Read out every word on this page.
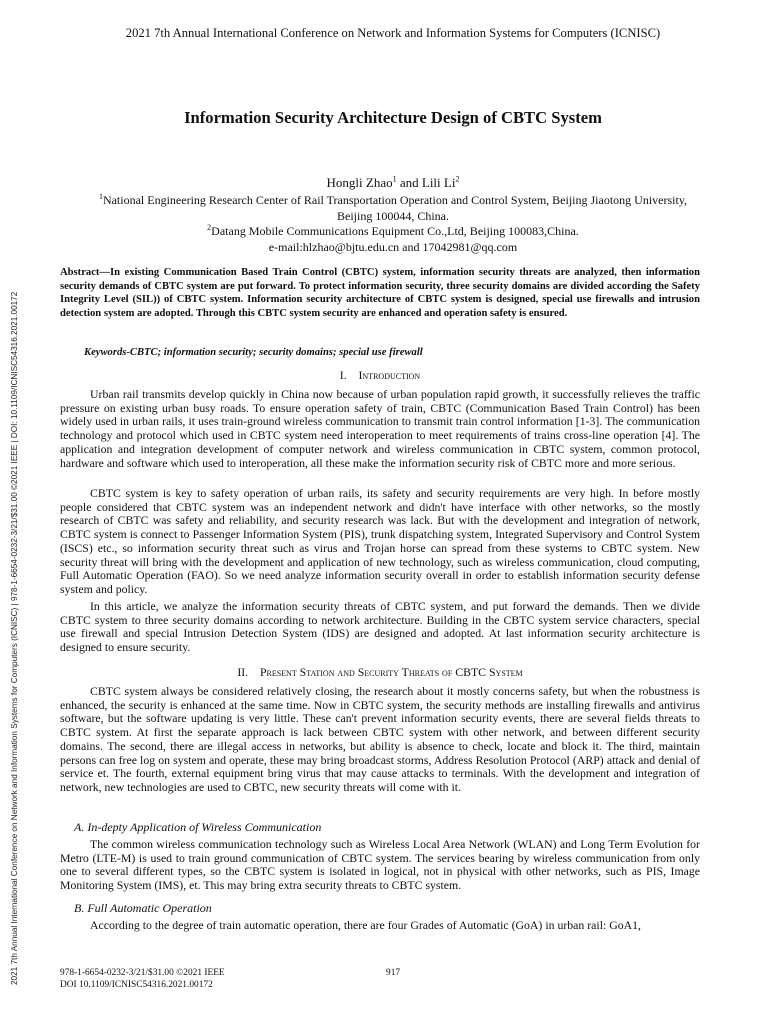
2021 7th Annual International Conference on Network and Information Systems for Computers (ICNISC) | 978-1-6654-0232-3/21/$31.00 ©2021 IEEE | DOI: 10.1109/ICNISC54316.2021.00172
2021 7th Annual International Conference on Network and Information Systems for Computers (ICNISC)
Information Security Architecture Design of CBTC System
Hongli Zhao$^1$ and Lili Li$^2$

$^1$National Engineering Research Center of Rail Transportation Operation and Control System, Beijing Jiaotong University,

Beijing 100044, China.

$^2$Datang Mobile Communications Equipment Co.,Ltd, Beijing 100083,China.

e-mail:hlzhao@bjtu.edu.cn and 17042981@qq.com

Abstract—In existing Communication Based Train Control (CBTC) system, information security threats are analyzed, then information security demands of CBTC system are put forward. To protect information security, three security domains are divided according the Safety Integrity Level (SIL)) of CBTC system. Information security architecture of CBTC system is designed, special use firewalls and intrusion detection system are adopted. Through this CBTC system security are enhanced and operation safety is ensured.

Keywords-CBTC; information security; security domains; special use firewall

I. Introduction

Urban rail transmits develop quickly in China now because of urban population rapid growth, it successfully relieves the traffic pressure on existing urban busy roads. To ensure operation safety of train, CBTC (Communication Based Train Control) has been widely used in urban rails, it uses train-ground wireless communication to transmit train control information [1-3]. The communication technology and protocol which used in CBTC system need interoperation to meet requirements of trains cross-line operation [4]. The application and integration development of computer network and wireless communication in CBTC system, common protocol, hardware and software which used to interoperation, all these make the information security risk of CBTC more and more serious.

CBTC system is key to safety operation of urban rails, its safety and security requirements are very high. In before mostly people considered that CBTC system was an independent network and didn't have interface with other networks, so the mostly research of CBTC was safety and reliability, and security research was lack. But with the development and integration of network, CBTC system is connect to Passenger Information System (PIS), trunk dispatching system, Integrated Supervisory and Control System (ISCS) etc., so information security threat such as virus and Trojan horse can spread from these systems to CBTC system. New security threat will bring with the development and application of new technology, such as wireless communication, cloud computing, Full Automatic Operation (FAO). So we need analyze information security overall in order to establish information security defense system and policy.

In this article, we analyze the information security threats of CBTC system, and put forward the demands. Then we divide CBTC system to three security domains according to network architecture. Building in the CBTC system service characters, special use firewall and special Intrusion Detection System (IDS) are designed and adopted. At last information security architecture is designed to ensure security.

II. Present Station and Security Threats of CBTC System

CBTC system always be considered relatively closing, the research about it mostly concerns safety, but when the robustness is enhanced, the security is enhanced at the same time. Now in CBTC system, the security methods are installing firewalls and antivirus software, but the software updating is very little. These can't prevent information security events, there are several fields threats to CBTC system. At first the separate approach is lack between CBTC system with other network, and between different security domains. The second, there are illegal access in networks, but ability is absence to check, locate and block it. The third, maintain persons can free log on system and operate, these may bring broadcast storms, Address Resolution Protocol (ARP) attack and denial of service et. The fourth, external equipment bring virus that may cause attacks to terminals. With the development and integration of network, new technologies are used to CBTC, new security threats will come with it.

A. In-depty Application of Wireless Communication

The common wireless communication technology such as Wireless Local Area Network (WLAN) and Long Term Evolution for Metro (LTE-M) is used to train ground communication of CBTC system. The services bearing by wireless communication from only one to several different types, so the CBTC system is isolated in logical, not in physical with other networks, such as PIS, Image Monitoring System (IMS), et. This may bring extra security threats to CBTC system.

B. Full Automatic Operation

According to the degree of train automatic operation, there are four Grades of Automatic (GoA) in urban rail: GoA1,

978-1-6654-0232-3/21/$31.00 ©2021 IEEE
DOI 10.1109/ICNISC54316.2021.00172
917
